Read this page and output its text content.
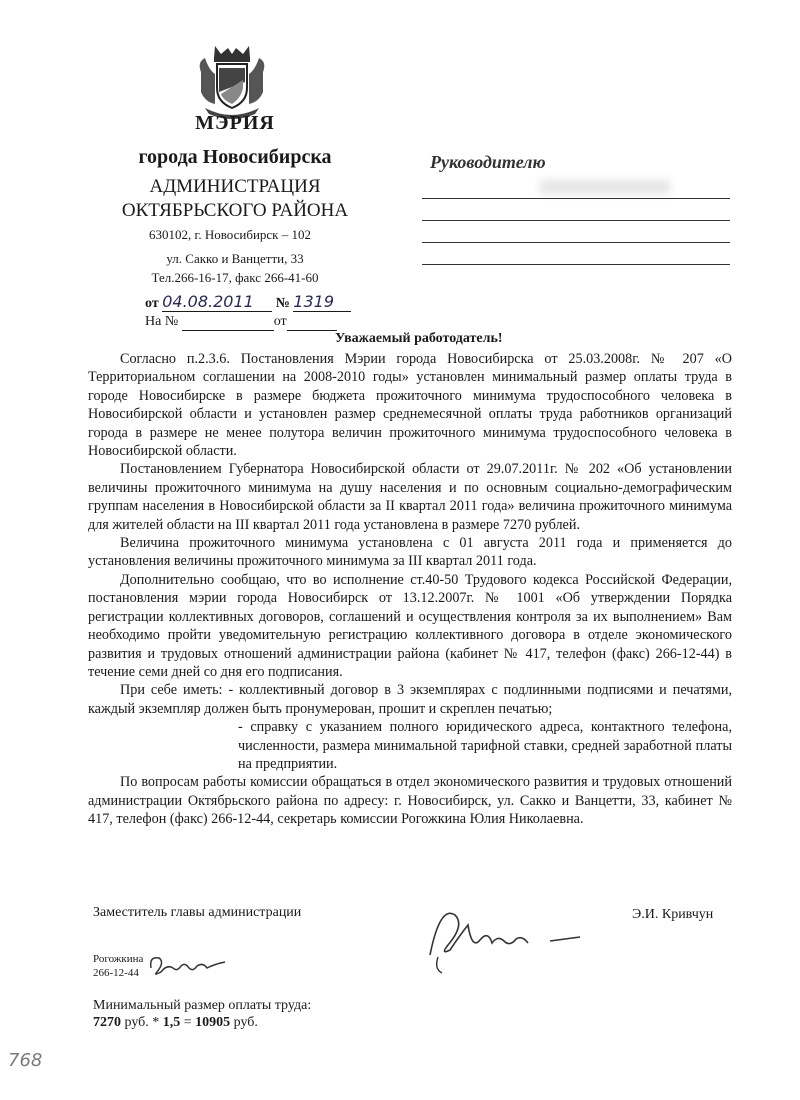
МЭРИЯ
города Новосибирска
АДМИНИСТРАЦИЯ
ОКТЯБРЬСКОГО РАЙОНА
630102, г. Новосибирск – 102
ул. Сакко и Ванцетти, 33
Тел.266-16-17, факс 266-41-60
от 04.08.2011 № 1319
На №	от
Руководителю
Уважаемый работодатель!

Согласно п.2.3.6. Постановления Мэрии города Новосибирска от 25.03.2008г. № 207 «О Территориальном соглашении на 2008-2010 годы» установлен минимальный размер оплаты труда в городе Новосибирске в размере бюджета прожиточного минимума трудоспособного человека в Новосибирской области и установлен размер среднемесячной оплаты труда работников организаций города в размере не менее полутора величин прожиточного минимума трудоспособного человека в Новосибирской области.

Постановлением Губернатора Новосибирской области от 29.07.2011г. № 202 «Об установлении величины прожиточного минимума на душу населения и по основным социально-демографическим группам населения в Новосибирской области за II квартал 2011 года» величина прожиточного минимума для жителей области на III квартал 2011 года установлена в размере 7270 рублей.

Величина прожиточного минимума установлена с 01 августа 2011 года и применяется до установления величины прожиточного минимума за III квартал 2011 года.

Дополнительно сообщаю, что во исполнение ст.40-50 Трудового кодекса Российской Федерации, постановления мэрии города Новосибирск от 13.12.2007г. № 1001 «Об утверждении Порядка регистрации коллективных договоров, соглашений и осуществления контроля за их выполнением» Вам необходимо пройти уведомительную регистрацию коллективного договора в отделе экономического развития и трудовых отношений администрации района (кабинет № 417, телефон (факс) 266-12-44) в течение семи дней со дня его подписания.

При себе иметь: - коллективный договор в 3 экземплярах с подлинными подписями и печатями, каждый экземпляр должен быть пронумерован, прошит и скреплен печатью;

- справку с указанием полного юридического адреса, контактного телефона, численности, размера минимальной тарифной ставки, средней заработной платы на предприятии.

По вопросам работы комиссии обращаться в отдел экономического развития и трудовых отношений администрации Октябрьского района по адресу: г. Новосибирск, ул. Сакко и Ванцетти, 33, кабинет № 417, телефон (факс) 266-12-44, секретарь комиссии Рогожкина Юлия Николаевна.

Заместитель главы администрации	Э.И. Кривчун
Рогожкина
266-12-44
Минимальный размер оплаты труда:
7270 руб. * 1,5 = 10905 руб.
768
